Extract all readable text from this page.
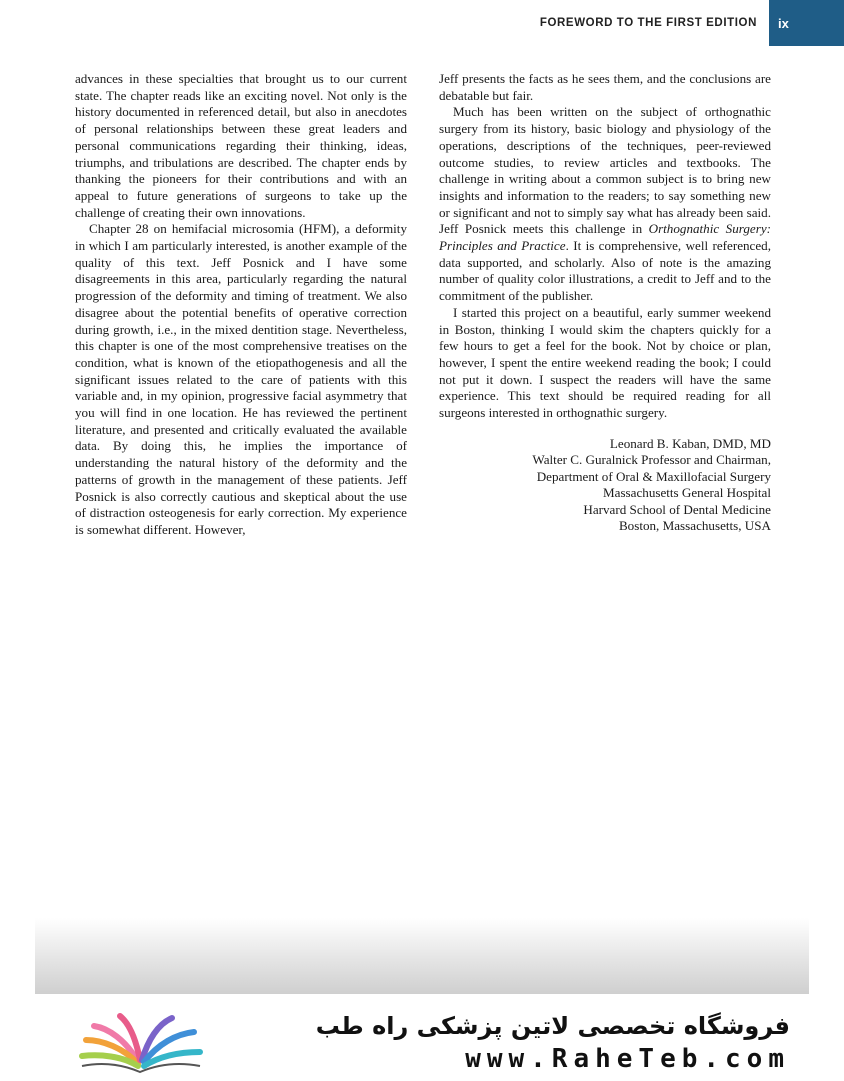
FOREWORD TO THE FIRST EDITION	ix

advances in these specialties that brought us to our current state. The chapter reads like an exciting novel. Not only is the history documented in referenced detail, but also in anecdotes of personal relationships between these great leaders and personal communications regarding their thinking, ideas, triumphs, and tribulations are described. The chapter ends by thanking the pioneers for their contributions and with an appeal to future generations of surgeons to take up the challenge of creating their own innovations.

Chapter 28 on hemifacial microsomia (HFM), a deformity in which I am particularly interested, is another example of the quality of this text. Jeff Posnick and I have some disagreements in this area, particularly regarding the natural progression of the deformity and timing of treatment. We also disagree about the potential benefits of operative correction during growth, i.e., in the mixed dentition stage. Nevertheless, this chapter is one of the most comprehensive treatises on the condition, what is known of the etiopathogenesis and all the significant issues related to the care of patients with this variable and, in my opinion, progressive facial asymmetry that you will find in one location. He has reviewed the pertinent literature, and presented and critically evaluated the available data. By doing this, he implies the importance of understanding the natural history of the deformity and the patterns of growth in the management of these patients. Jeff Posnick is also correctly cautious and skeptical about the use of distraction osteogenesis for early correction. My experience is somewhat different. However,

Jeff presents the facts as he sees them, and the conclusions are debatable but fair.

Much has been written on the subject of orthognathic surgery from its history, basic biology and physiology of the operations, descriptions of the techniques, peer-reviewed outcome studies, to review articles and textbooks. The challenge in writing about a common subject is to bring new insights and information to the readers; to say something new or significant and not to simply say what has already been said. Jeff Posnick meets this challenge in Orthognathic Surgery: Principles and Practice. It is comprehensive, well referenced, data supported, and scholarly. Also of note is the amazing number of quality color illustrations, a credit to Jeff and to the commitment of the publisher.

I started this project on a beautiful, early summer weekend in Boston, thinking I would skim the chapters quickly for a few hours to get a feel for the book. Not by choice or plan, however, I spent the entire weekend reading the book; I could not put it down. I suspect the readers will have the same experience. This text should be required reading for all surgeons interested in orthognathic surgery.

Leonard B. Kaban, DMD, MD
Walter C. Guralnick Professor and Chairman,
Department of Oral & Maxillofacial Surgery
Massachusetts General Hospital
Harvard School of Dental Medicine
Boston, Massachusetts, USA
فروشگاه تخصصی لاتین پزشکی راه طب
www.RaheTeb.com
